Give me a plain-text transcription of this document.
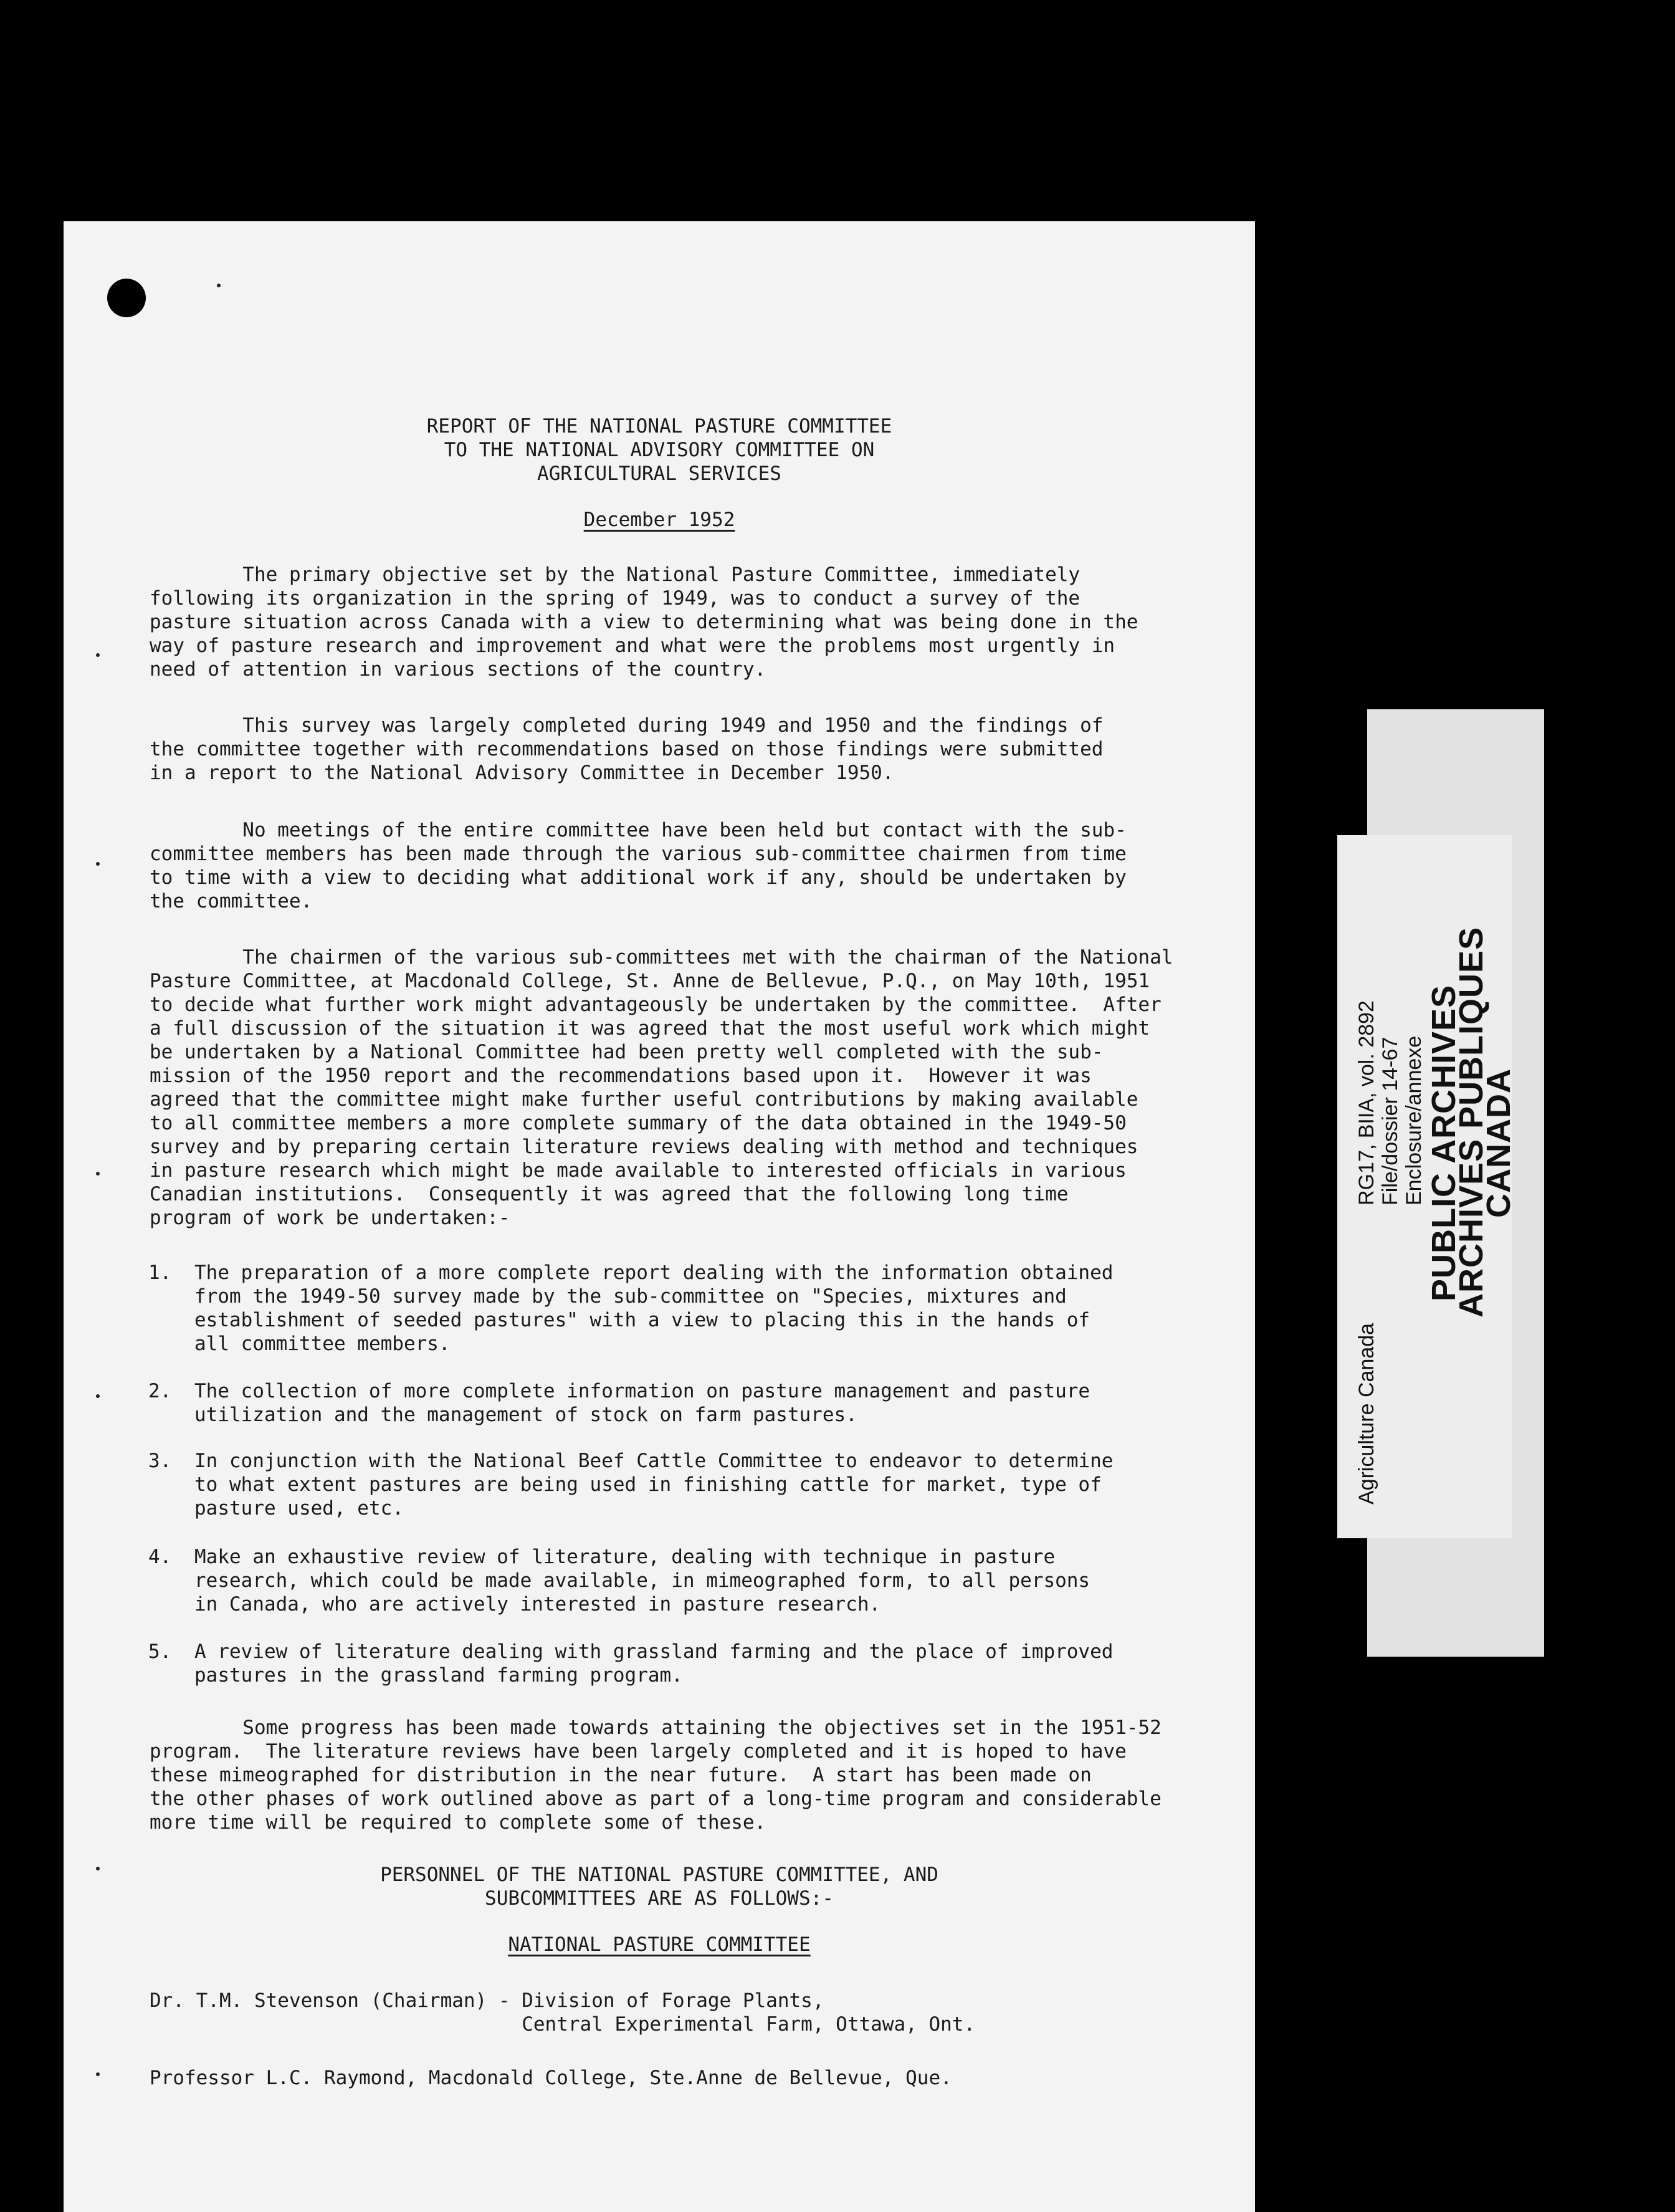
REPORT OF THE NATIONAL PASTURE COMMITTEE
TO THE NATIONAL ADVISORY COMMITTEE ON
AGRICULTURAL SERVICES
December 1952
The primary objective set by the National Pasture Committee, immediately
following its organization in the spring of 1949, was to conduct a survey of the
pasture situation across Canada with a view to determining what was being done in the
way of pasture research and improvement and what were the problems most urgently in
need of attention in various sections of the country.
This survey was largely completed during 1949 and 1950 and the findings of
the committee together with recommendations based on those findings were submitted
in a report to the National Advisory Committee in December 1950.
No meetings of the entire committee have been held but contact with the sub-
committee members has been made through the various sub-committee chairmen from time
to time with a view to deciding what additional work if any, should be undertaken by
the committee.
The chairmen of the various sub-committees met with the chairman of the National
Pasture Committee, at Macdonald College, St. Anne de Bellevue, P.Q., on May 10th, 1951
to decide what further work might advantageously be undertaken by the committee.  After
a full discussion of the situation it was agreed that the most useful work which might
be undertaken by a National Committee had been pretty well completed with the sub-
mission of the 1950 report and the recommendations based upon it.  However it was
agreed that the committee might make further useful contributions by making available
to all committee members a more complete summary of the data obtained in the 1949-50
survey and by preparing certain literature reviews dealing with method and techniques
in pasture research which might be made available to interested officials in various
Canadian institutions.  Consequently it was agreed that the following long time
program of work be undertaken:-
1. The preparation of a more complete report dealing with the information obtained
from the 1949-50 survey made by the sub-committee on "Species, mixtures and
establishment of seeded pastures" with a view to placing this in the hands of
all committee members.
2. The collection of more complete information on pasture management and pasture
utilization and the management of stock on farm pastures.
3. In conjunction with the National Beef Cattle Committee to endeavor to determine
to what extent pastures are being used in finishing cattle for market, type of
pasture used, etc.
4. Make an exhaustive review of literature, dealing with technique in pasture
research, which could be made available, in mimeographed form, to all persons
in Canada, who are actively interested in pasture research.
5. A review of literature dealing with grassland farming and the place of improved
pastures in the grassland farming program.
Some progress has been made towards attaining the objectives set in the 1951-52
program.  The literature reviews have been largely completed and it is hoped to have
these mimeographed for distribution in the near future.  A start has been made on
the other phases of work outlined above as part of a long-time program and considerable
more time will be required to complete some of these.
PERSONNEL OF THE NATIONAL PASTURE COMMITTEE, AND
SUBCOMMITTEES ARE AS FOLLOWS:-
NATIONAL PASTURE COMMITTEE
Dr. T.M. Stevenson (Chairman) - Division of Forage Plants,
Central Experimental Farm, Ottawa, Ont.
Professor L.C. Raymond, Macdonald College, Ste.Anne de Bellevue, Que.
Agriculture Canada
RG17, BIIA, vol. 2892 File/dossier 14-67 Enclosure/annexe PUBLIC ARCHIVES
ARCHIVES PUBLIQUES
CANADA
